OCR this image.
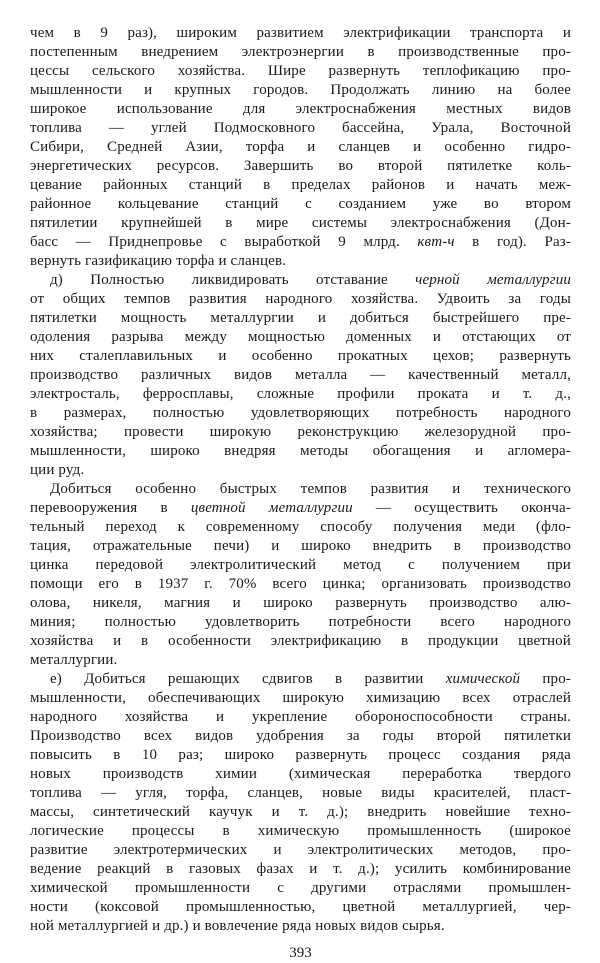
чем в 9 раз), широким развитием электрификации транспорта и
постепенным внедрением электроэнергии в производственные про-
цессы сельского хозяйства. Шире развернуть теплофикацию про-
мышленности и крупных городов. Продолжать линию на более
широкое использование для электроснабжения местных видов
топлива — углей Подмосковного бассейна, Урала, Восточной
Сибири, Средней Азии, торфа и сланцев и особенно гидро-
энергетических ресурсов. Завершить во второй пятилетке коль-
цевание районных станций в пределах районов и начать меж-
районное кольцевание станций с созданием уже во втором
пятилетии крупнейшей в мире системы электроснабжения (Дон-
басс — Приднепровье с выработкой 9 млрд. квт-ч в год). Раз-
вернуть газификацию торфа и сланцев.
д) Полностью ликвидировать отставание черной металлургии
от общих темпов развития народного хозяйства. Удвоить за годы
пятилетки мощность металлургии и добиться быстрейшего пре-
одоления разрыва между мощностью доменных и отстающих от
них сталеплавильных и особенно прокатных цехов; развернуть
производство различных видов металла — качественный металл,
электросталь, ферросплавы, сложные профили проката и т. д.,
в размерах, полностью удовлетворяющих потребность народного
хозяйства; провести широкую реконструкцию железорудной про-
мышленности, широко внедряя методы обогащения и агломера-
ции руд.
Добиться особенно быстрых темпов развития и технического
перевооружения в цветной металлургии — осуществить оконча-
тельный переход к современному способу получения меди (фло-
тация, отражательные печи) и широко внедрить в производство
цинка передовой электролитический метод с получением при
помощи его в 1937 г. 70% всего цинка; организовать производство
олова, никеля, магния и широко развернуть производство алю-
миния; полностью удовлетворить потребности всего народного
хозяйства и в особенности электрификацию в продукции цветной
металлургии.
е) Добиться решающих сдвигов в развитии химической про-
мышленности, обеспечивающих широкую химизацию всех отраслей
народного хозяйства и укрепление обороноспособности страны.
Производство всех видов удобрения за годы второй пятилетки
повысить в 10 раз; широко развернуть процесс создания ряда
новых производств химии (химическая переработка твердого
топлива — угля, торфа, сланцев, новые виды красителей, пласт-
массы, синтетический каучук и т. д.); внедрить новейшие техно-
логические процессы в химическую промышленность (широкое
развитие электротермических и электролитических методов, про-
ведение реакций в газовых фазах и т. д.); усилить комбинирование
химической промышленности с другими отраслями промышлен-
ности (коксовой промышленностью, цветной металлургией, чер-
ной металлургией и др.) и вовлечение ряда новых видов сырья.
393
